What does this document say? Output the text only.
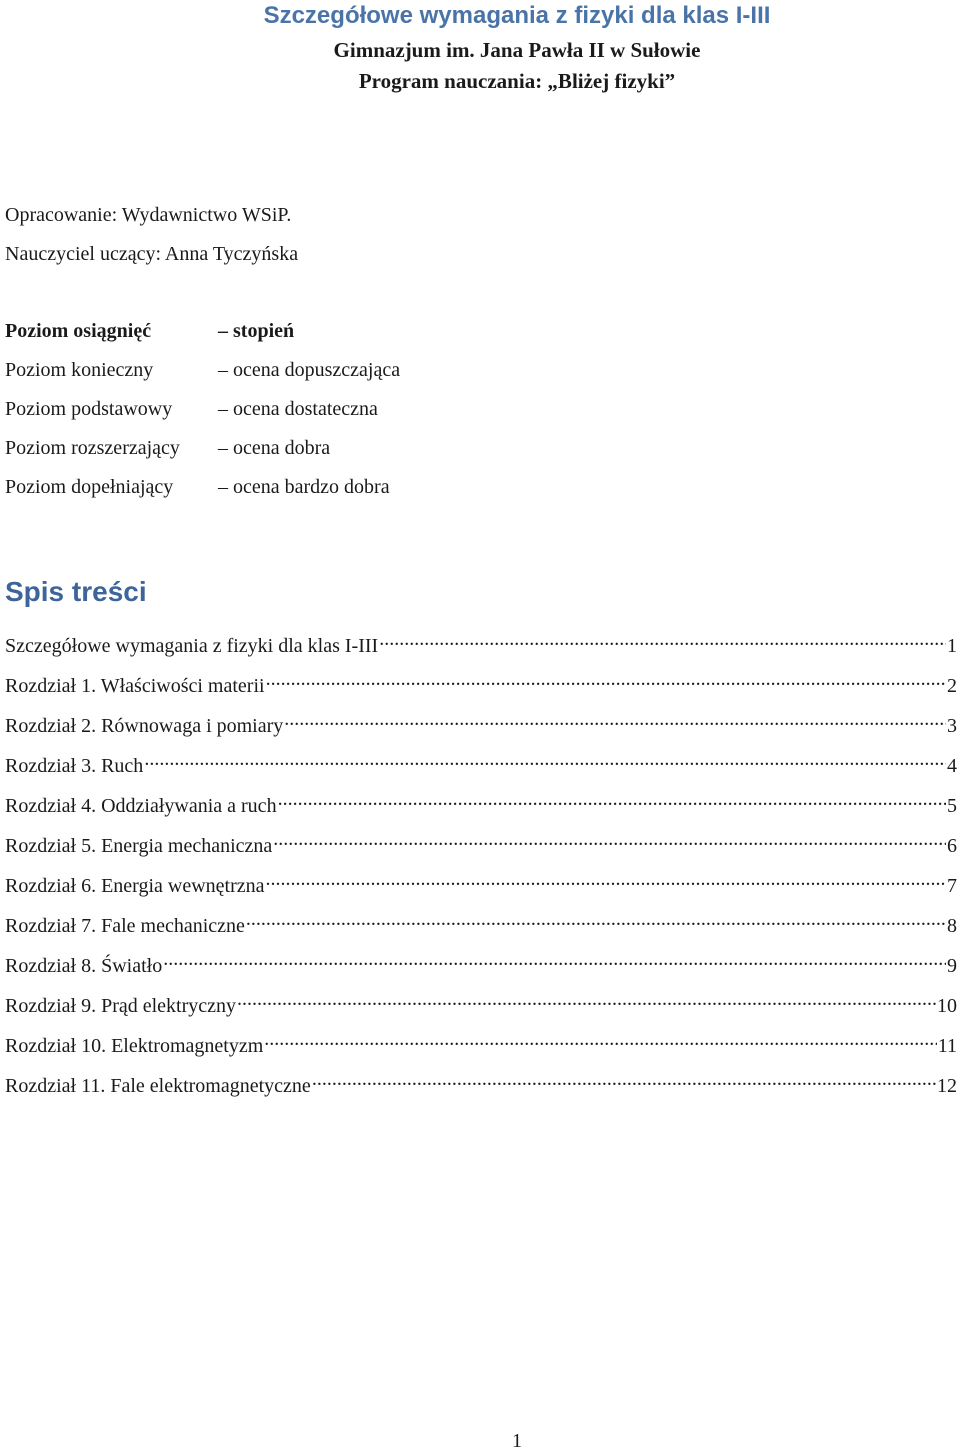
Szczegółowe wymagania z fizyki dla klas I-III
Gimnazjum im. Jana Pawła II w Sułowie
Program nauczania: „Bliżej fizyki”
Opracowanie: Wydawnictwo WSiP.
Nauczyciel uczący: Anna Tyczyńska
Poziom osiągnięć	– stopień
Poziom konieczny	– ocena dopuszczająca
Poziom podstawowy – ocena dostateczna
Poziom rozszerzający – ocena dobra
Poziom dopełniający – ocena bardzo dobra
Spis treści
Szczegółowe wymagania z fizyki dla klas I-III .....	1
Rozdział 1. Właściwości materii .....	2
Rozdział 2. Równowaga i pomiary .....	3
Rozdział 3. Ruch .....	4
Rozdział 4. Oddziaływania a ruch .....	5
Rozdział 5. Energia mechaniczna .....	6
Rozdział 6. Energia wewnętrzna .....	7
Rozdział 7. Fale mechaniczne .....	8
Rozdział 8. Światło .....	9
Rozdział 9. Prąd elektryczny .....	10
Rozdział 10. Elektromagnetyzm .....	11
Rozdział 11. Fale elektromagnetyczne .....	12
1
